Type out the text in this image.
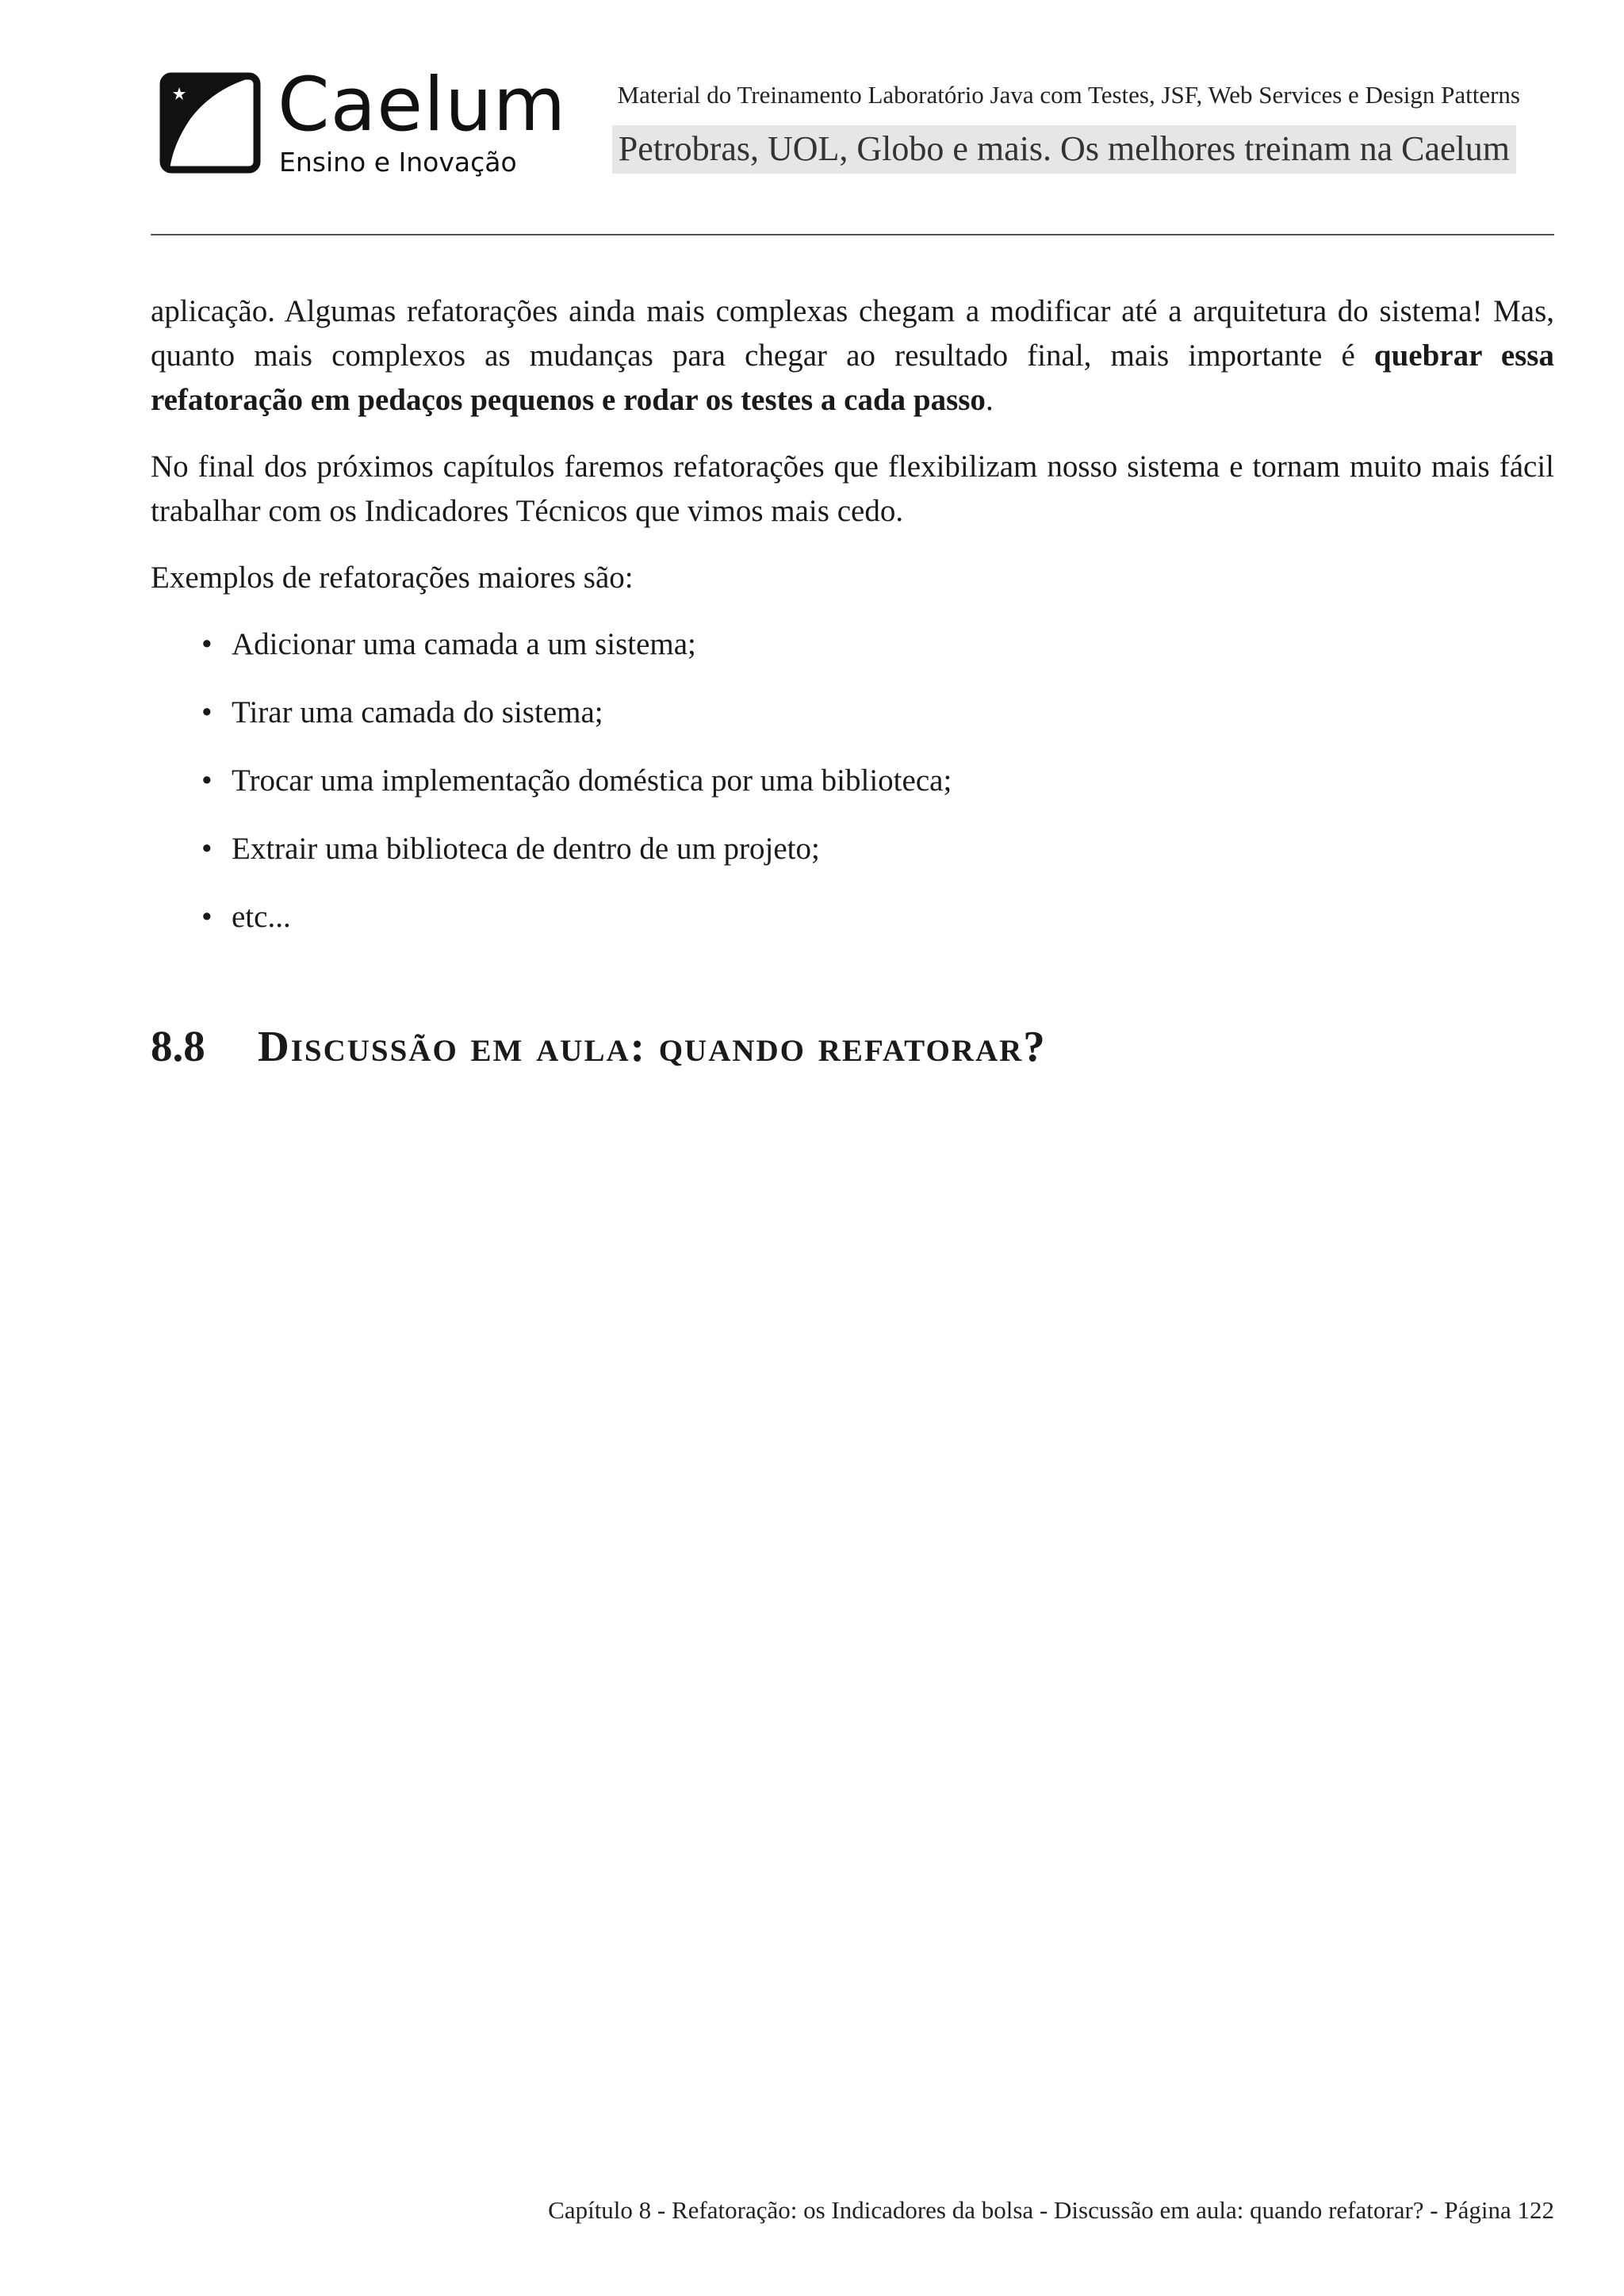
Caelum
Ensino e Inovação
Material do Treinamento Laboratório Java com Testes, JSF, Web Services e Design Patterns
Petrobras, UOL, Globo e mais. Os melhores treinam na Caelum

aplicação. Algumas refatorações ainda mais complexas chegam a modificar até a arquitetura do sistema! Mas, quanto mais complexos as mudanças para chegar ao resultado final, mais importante é quebrar essa refatoração em pedaços pequenos e rodar os testes a cada passo.

No final dos próximos capítulos faremos refatorações que flexibilizam nosso sistema e tornam muito mais fácil trabalhar com os Indicadores Técnicos que vimos mais cedo.

Exemplos de refatorações maiores são:

• Adicionar uma camada a um sistema;
• Tirar uma camada do sistema;
• Trocar uma implementação doméstica por uma biblioteca;
• Extrair uma biblioteca de dentro de um projeto;
• etc...
8.8 Discussão em aula: quando refatorar?
Capítulo 8 - Refatoração: os Indicadores da bolsa - Discussão em aula: quando refatorar? - Página 122
